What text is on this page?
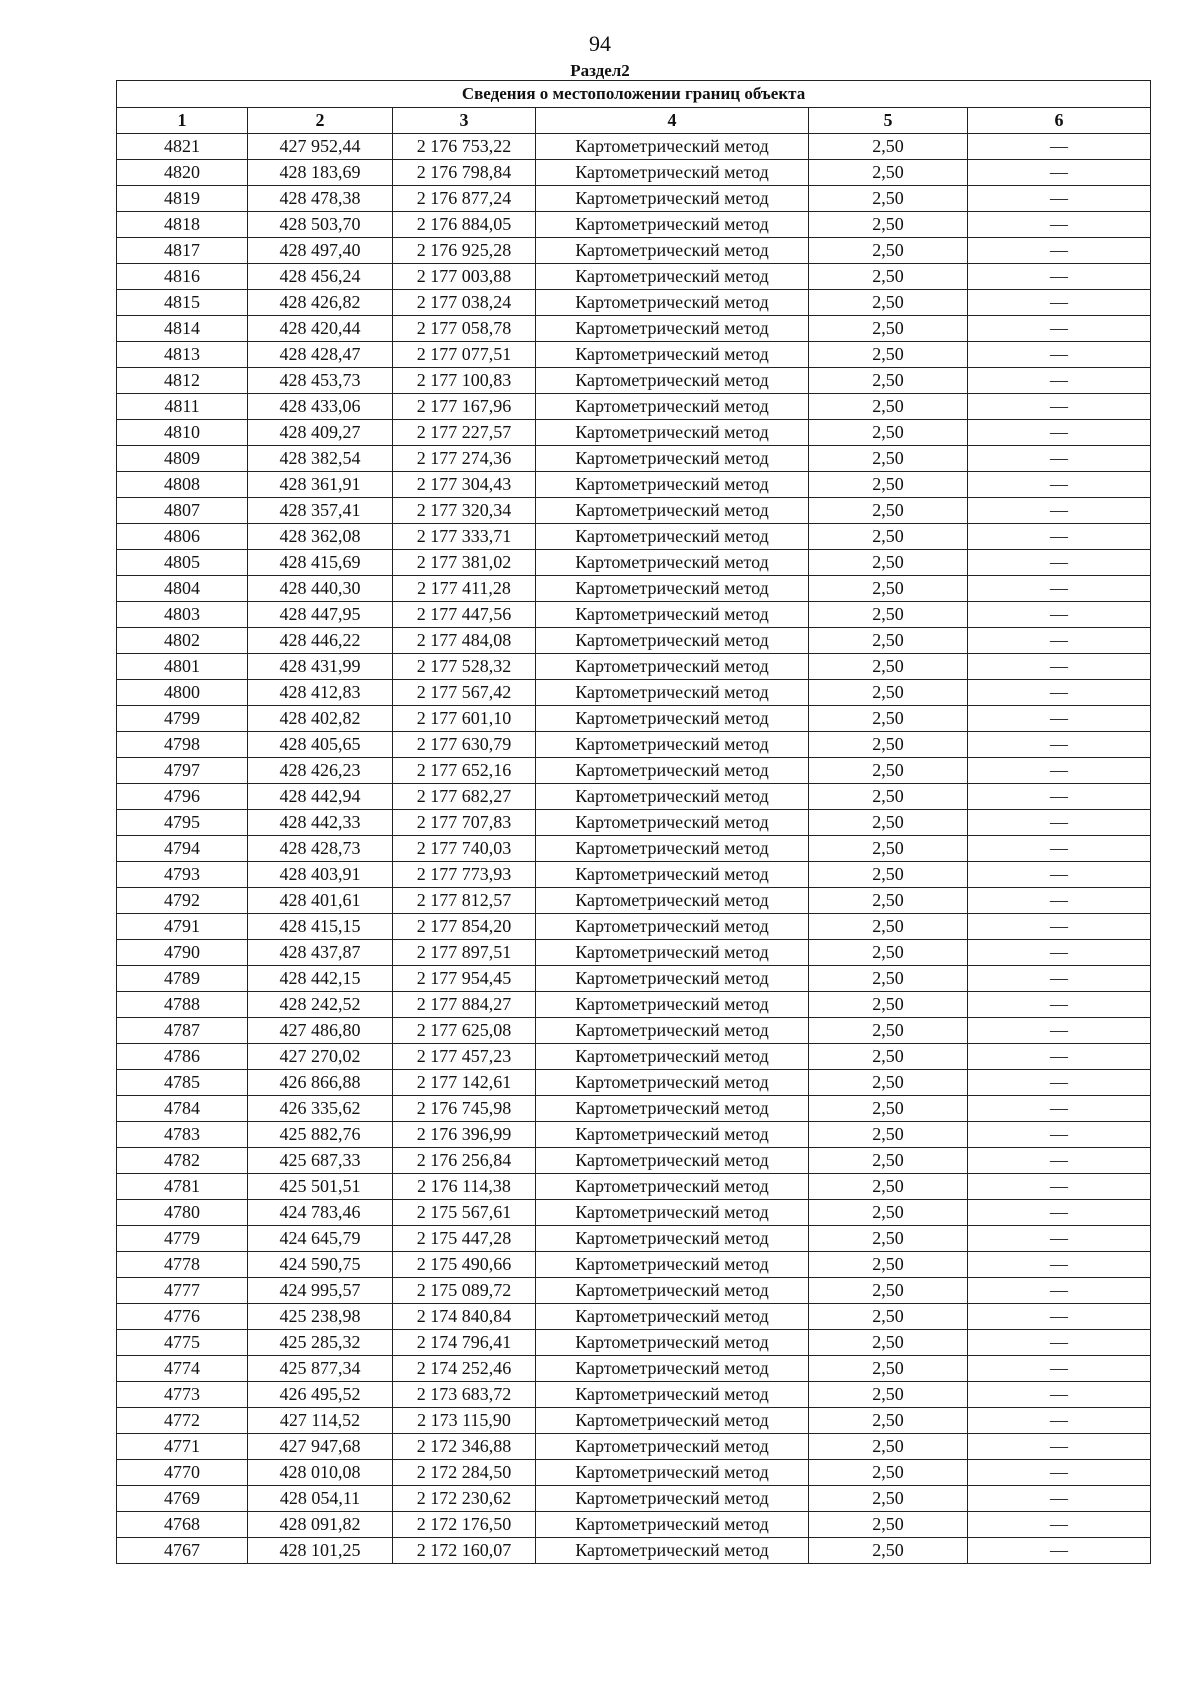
94
Раздел2
Сведения о местоположении границ объекта					
1	2	3	4	5	6
4821	427 952,44	2 176 753,22	Картометрический метод	2,50	—
4820	428 183,69	2 176 798,84	Картометрический метод	2,50	—
4819	428 478,38	2 176 877,24	Картометрический метод	2,50	—
4818	428 503,70	2 176 884,05	Картометрический метод	2,50	—
4817	428 497,40	2 176 925,28	Картометрический метод	2,50	—
4816	428 456,24	2 177 003,88	Картометрический метод	2,50	—
4815	428 426,82	2 177 038,24	Картометрический метод	2,50	—
4814	428 420,44	2 177 058,78	Картометрический метод	2,50	—
4813	428 428,47	2 177 077,51	Картометрический метод	2,50	—
4812	428 453,73	2 177 100,83	Картометрический метод	2,50	—
4811	428 433,06	2 177 167,96	Картометрический метод	2,50	—
4810	428 409,27	2 177 227,57	Картометрический метод	2,50	—
4809	428 382,54	2 177 274,36	Картометрический метод	2,50	—
4808	428 361,91	2 177 304,43	Картометрический метод	2,50	—
4807	428 357,41	2 177 320,34	Картометрический метод	2,50	—
4806	428 362,08	2 177 333,71	Картометрический метод	2,50	—
4805	428 415,69	2 177 381,02	Картометрический метод	2,50	—
4804	428 440,30	2 177 411,28	Картометрический метод	2,50	—
4803	428 447,95	2 177 447,56	Картометрический метод	2,50	—
4802	428 446,22	2 177 484,08	Картометрический метод	2,50	—
4801	428 431,99	2 177 528,32	Картометрический метод	2,50	—
4800	428 412,83	2 177 567,42	Картометрический метод	2,50	—
4799	428 402,82	2 177 601,10	Картометрический метод	2,50	—
4798	428 405,65	2 177 630,79	Картометрический метод	2,50	—
4797	428 426,23	2 177 652,16	Картометрический метод	2,50	—
4796	428 442,94	2 177 682,27	Картометрический метод	2,50	—
4795	428 442,33	2 177 707,83	Картометрический метод	2,50	—
4794	428 428,73	2 177 740,03	Картометрический метод	2,50	—
4793	428 403,91	2 177 773,93	Картометрический метод	2,50	—
4792	428 401,61	2 177 812,57	Картометрический метод	2,50	—
4791	428 415,15	2 177 854,20	Картометрический метод	2,50	—
4790	428 437,87	2 177 897,51	Картометрический метод	2,50	—
4789	428 442,15	2 177 954,45	Картометрический метод	2,50	—
4788	428 242,52	2 177 884,27	Картометрический метод	2,50	—
4787	427 486,80	2 177 625,08	Картометрический метод	2,50	—
4786	427 270,02	2 177 457,23	Картометрический метод	2,50	—
4785	426 866,88	2 177 142,61	Картометрический метод	2,50	—
4784	426 335,62	2 176 745,98	Картометрический метод	2,50	—
4783	425 882,76	2 176 396,99	Картометрический метод	2,50	—
4782	425 687,33	2 176 256,84	Картометрический метод	2,50	—
4781	425 501,51	2 176 114,38	Картометрический метод	2,50	—
4780	424 783,46	2 175 567,61	Картометрический метод	2,50	—
4779	424 645,79	2 175 447,28	Картометрический метод	2,50	—
4778	424 590,75	2 175 490,66	Картометрический метод	2,50	—
4777	424 995,57	2 175 089,72	Картометрический метод	2,50	—
4776	425 238,98	2 174 840,84	Картометрический метод	2,50	—
4775	425 285,32	2 174 796,41	Картометрический метод	2,50	—
4774	425 877,34	2 174 252,46	Картометрический метод	2,50	—
4773	426 495,52	2 173 683,72	Картометрический метод	2,50	—
4772	427 114,52	2 173 115,90	Картометрический метод	2,50	—
4771	427 947,68	2 172 346,88	Картометрический метод	2,50	—
4770	428 010,08	2 172 284,50	Картометрический метод	2,50	—
4769	428 054,11	2 172 230,62	Картометрический метод	2,50	—
4768	428 091,82	2 172 176,50	Картометрический метод	2,50	—
4767	428 101,25	2 172 160,07	Картометрический метод	2,50	—
